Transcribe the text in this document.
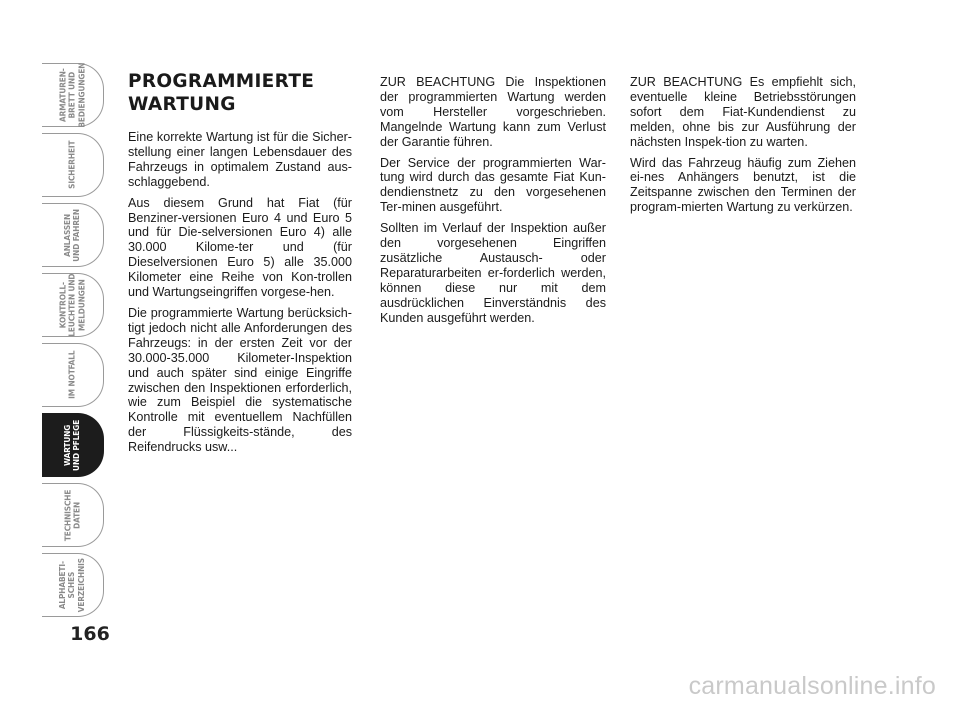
ARMATUREN-
BRETT UND
BEDIENGUNGEN
SICHERHEIT
ANLASSEN
UND FAHREN
KONTROLL-
LEUCHTEN UND
MELDUNGEN
IM NOTFALL
WARTUNG
UND PFLEGE
TECHNISCHE
DATEN
ALPHABETI-
SCHES
VERZEICHNIS
166
PROGRAMMIERTE
WARTUNG

Eine korrekte Wartung ist für die Sicher-stellung einer langen Lebensdauer des Fahrzeugs in optimalem Zustand aus-schlaggebend.

Aus diesem Grund hat Fiat (für Benziner-versionen Euro 4 und Euro 5 und für Die-selversionen Euro 4) alle 30.000 Kilome-ter und (für Dieselversionen Euro 5) alle 35.000 Kilometer eine Reihe von Kon-trollen und Wartungseingriffen vorgese-hen.

Die programmierte Wartung berücksich-tigt jedoch nicht alle Anforderungen des Fahrzeugs: in der ersten Zeit vor der 30.000-35.000 Kilometer-Inspektion und auch später sind einige Eingriffe zwischen den Inspektionen erforderlich, wie zum Beispiel die systematische Kontrolle mit eventuellem Nachfüllen der Flüssigkeits-stände, des Reifendrucks usw...

ZUR BEACHTUNG Die Inspektionen der programmierten Wartung werden vom Hersteller vorgeschrieben. Mangelnde Wartung kann zum Verlust der Garantie führen.

Der Service der programmierten War-tung wird durch das gesamte Fiat Kun-dendienstnetz zu den vorgesehenen Ter-minen ausgeführt.

Sollten im Verlauf der Inspektion außer den vorgesehenen Eingriffen zusätzliche Austausch- oder Reparaturarbeiten er-forderlich werden, können diese nur mit dem ausdrücklichen Einverständnis des Kunden ausgeführt werden.

ZUR BEACHTUNG Es empfiehlt sich, eventuelle kleine Betriebsstörungen sofort dem Fiat-Kundendienst zu melden, ohne bis zur Ausführung der nächsten Inspek-tion zu warten.

Wird das Fahrzeug häufig zum Ziehen ei-nes Anhängers benutzt, ist die Zeitspanne zwischen den Terminen der program-mierten Wartung zu verkürzen.

carmanualsonline.info
